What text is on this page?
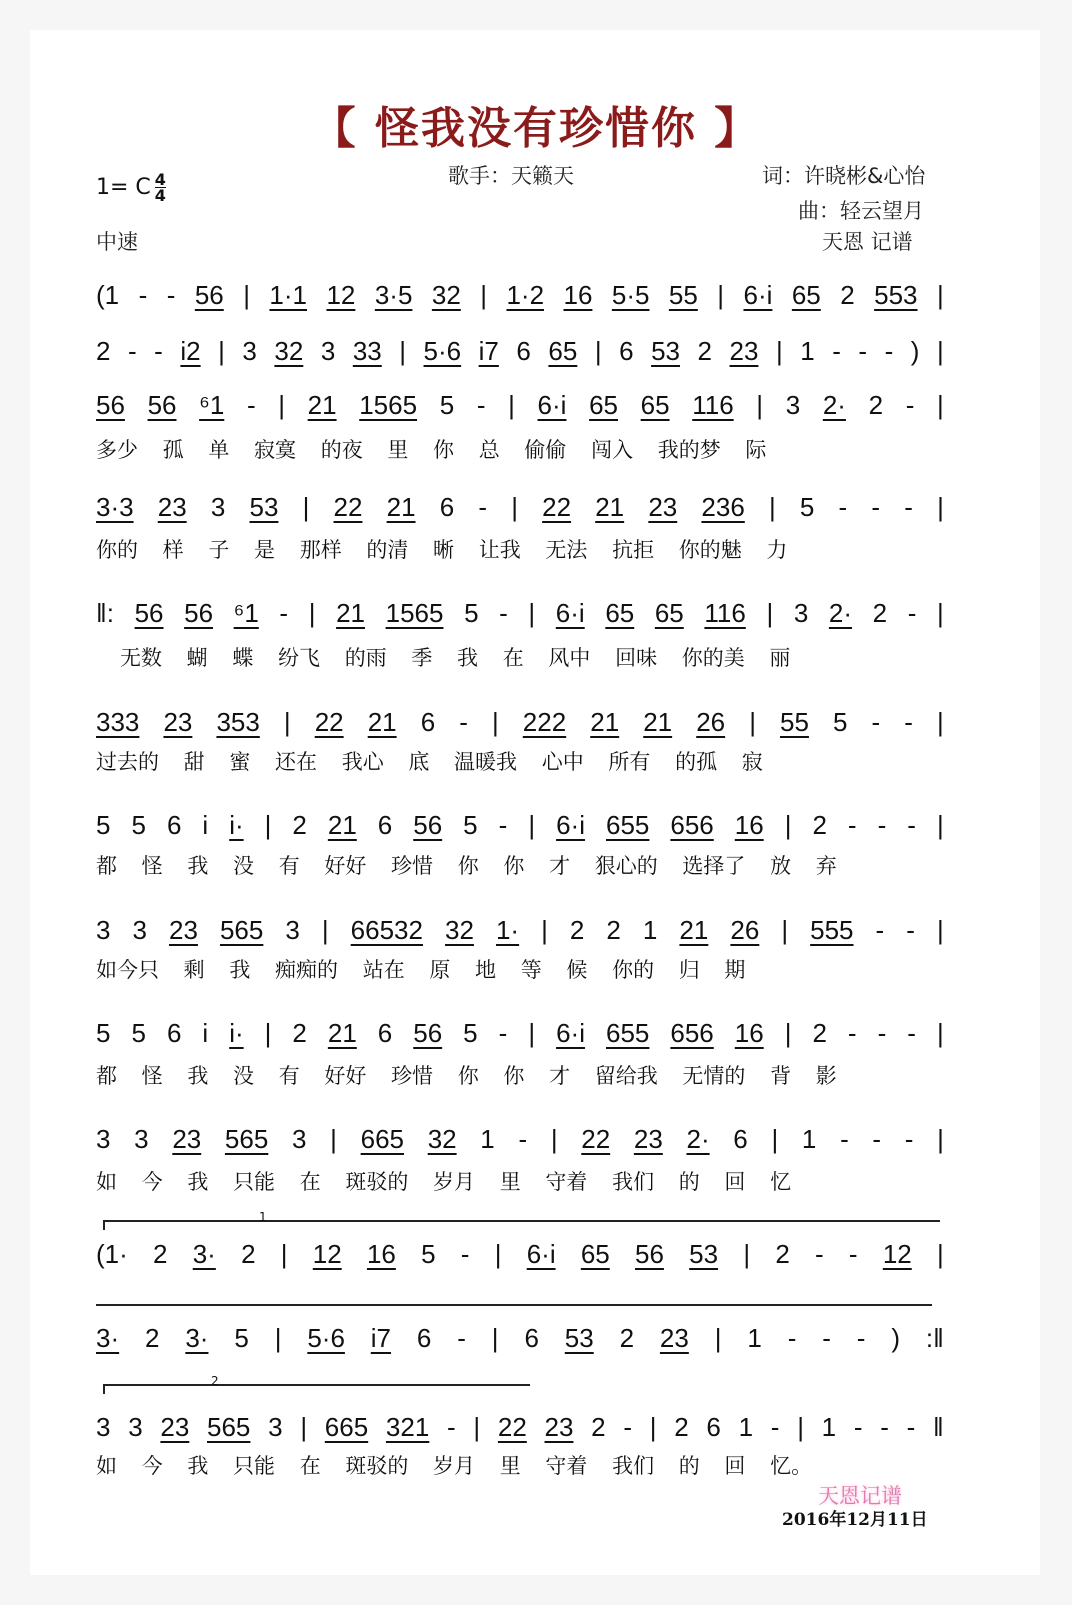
【 怪我没有珍惜你 】
1= C $\frac{4}{4}$
中速
歌手：天籁天	词：许晓彬&心怡
曲：轻云望月
天恩 记谱
(1 - - 56 | 1·1 12 3·5 32 | 1·2 16 5·5 55 | 6·i 65 2 553 |
2 - - i2 | 3 32 3 33 | 5·6 i7 6 65 | 6 53 2 23 | 1 - - - ) |
56 56 ⁶1 - | 21 1565 5 - | 6·i 65 65 116 | 3 2· 2 - |
多少 孤 单 寂寞 的夜 里 你 总 偷偷 闯入 我的梦 际
3·3 23 3 53 | 22 21 6 - | 22 21 23 236 | 5 - - - |
你的 样 子 是 那样 的清 晰 让我 无法 抗拒 你的魅 力
‖: 56 56 ⁶1 - | 21 1565 5 - | 6·i 65 65 116 | 3 2· 2 - |
无数 蝴 蝶 纷飞 的雨 季 我 在 风中 回味 你的美 丽
333 23 353 | 22 21 6 - | 222 21 21 26 | 55 5 - - |
过去的 甜 蜜 还在 我心 底 温暖我 心中 所有 的孤 寂
5 5 6 i i· | 2 21 6 56 5 - | 6·i 655 656 16 | 2 - - - |
都 怪 我 没 有 好好 珍惜 你 你 才 狠心的 选择了 放 弃
3 3 23 565 3 | 66532 32 1· | 2 2 1 21 26 | 555 - - |
如今只 剩 我 痴痴的 站在 原 地 等 候 你的 归 期
5 5 6 i i· | 2 21 6 56 5 - | 6·i 655 656 16 | 2 - - - |
都 怪 我 没 有 好好 珍惜 你 你 才 留给我 无情的 背 影
3 3 23 565 3 | 665 32 1 - | 22 23 2· 6 | 1 - - - |
如 今 我 只能 在 斑驳的 岁月 里 守着 我们 的 回 忆
(1· 2 3· 2 | 12 16 5 - | 6·i 65 56 53 | 2 - - 12 |
3· 2 3· 5 | 5·6 i7 6 - | 6 53 2 23 | 1 - - - ) :‖
3 3 23 565 3 | 665 321 - | 22 23 2 - | 2 6 1 - | 1 - - - ‖
如 今 我 只能 在 斑驳的 岁月 里 守着 我们 的 回 忆。
1
2
天恩记谱
2016年12月11日
